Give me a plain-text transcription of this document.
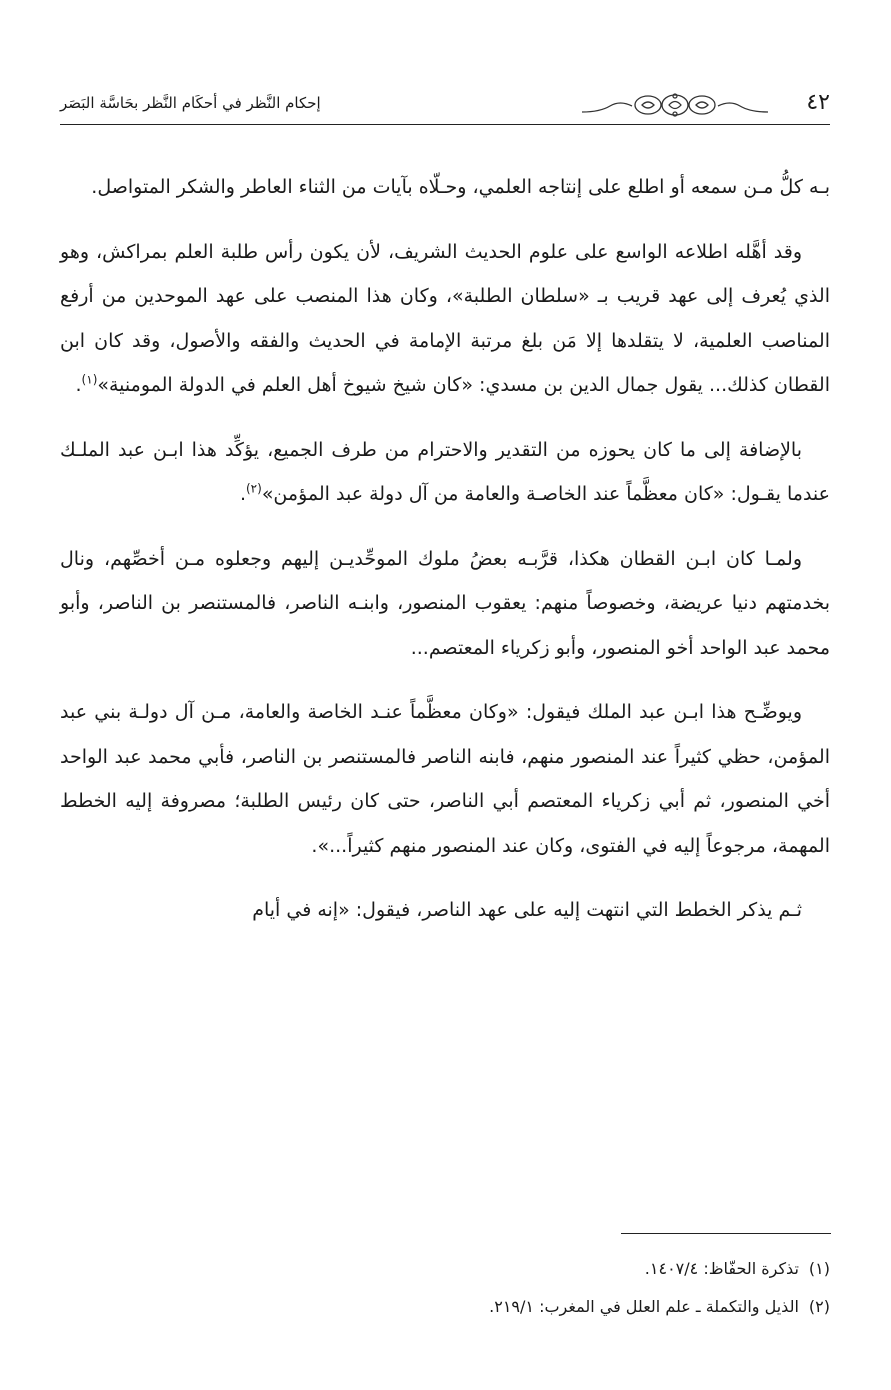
٤٢
إحكام النَّظر في أحكَام النَّظر بحَاسَّة البَصَر

بـه كلُّ مـن سمعه أو اطلع على إنتاجه العلمي، وحـلّاه بآيات من الثناء العاطر والشكر المتواصل.

وقد أهَّله اطلاعه الواسع على علوم الحديث الشريف، لأن يكون رأس طلبة العلم بمراكش، وهو الذي يُعرف إلى عهد قريب بـ «سلطان الطلبة»، وكان هذا المنصب على عهد الموحدين من أرفع المناصب العلمية، لا يتقلدها إلا مَن بلغ مرتبة الإمامة في الحديث والفقه والأصول، وقد كان ابن القطان كذلك... يقول جمال الدين بن مسدي: «كان شيخ شيوخ أهل العلم في الدولة المومنية»$^{(١)}$.

بالإضافة إلى ما كان يحوزه من التقدير والاحترام من طرف الجميع، يؤكِّد هذا ابـن عبد الملـك عندما يقـول: «كان معظَّماً عند الخاصـة والعامة من آل دولة عبد المؤمن»$^{(٢)}$.

ولمـا كان ابـن القطان هكذا، قرَّبـه بعضُ ملوك الموحِّديـن إليهم وجعلوه مـن أخصِّهم، ونال بخدمتهم دنيا عريضة، وخصوصاً منهم: يعقوب المنصور، وابنـه الناصر، فالمستنصر بن الناصر، وأبو محمد عبد الواحد أخو المنصور، وأبو زكرياء المعتصم...

ويوضِّـح هذا ابـن عبد الملك فيقول: «وكان معظَّماً عنـد الخاصة والعامة، مـن آل دولـة بني عبد المؤمن، حظي كثيراً عند المنصور منهم، فابنه الناصر فالمستنصر بن الناصر، فأبي محمد عبد الواحد أخي المنصور، ثم أبي زكرياء المعتصم أبي الناصر، حتى كان رئيس الطلبة؛ مصروفة إليه الخطط المهمة، مرجوعاً إليه في الفتوى، وكان عند المنصور منهم كثيراً...».

ثـم يذكر الخطط التي انتهت إليه على عهد الناصر، فيقول: «إنه في أيام

(١)تذكرة الحفّاظ: ١٤٠٧/٤.

(٢)الذيل والتكملة ـ علم العلل في المغرب: ٢١٩/١.
